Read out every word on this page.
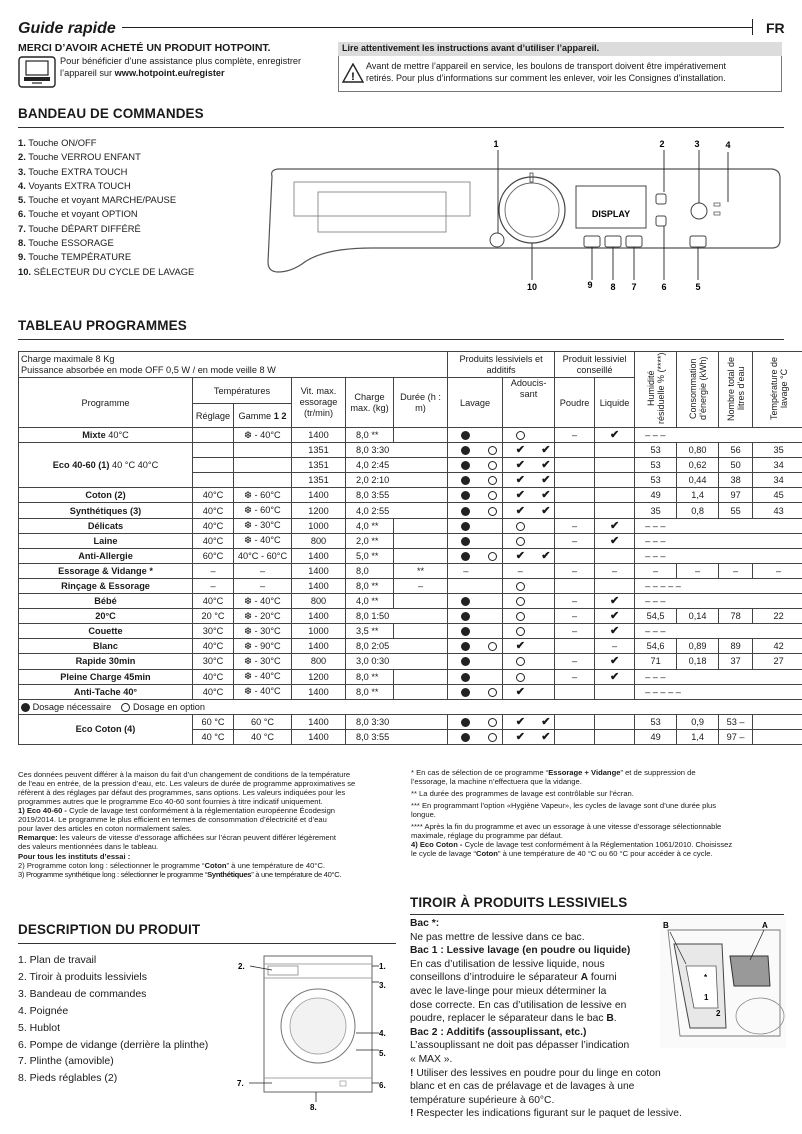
Guide rapide	FR
MERCI D’AVOIR ACHETÉ UN PRODUIT HOTPOINT.
Pour bénéficier d’une assistance plus complète, enregistrer
l’appareil sur www.hotpoint.eu/register
Lire attentivement les instructions avant d’utiliser l’appareil.
!
Avant de mettre l’appareil en service, les boulons de transport doivent être impérativement
retirés. Pour plus d’informations sur comment les enlever, voir les Consignes d’installation.
BANDEAU DE COMMANDES
1. Touche ON/OFF
2. Touche VERROU ENFANT
3. Touche EXTRA TOUCH
4. Voyants EXTRA TOUCH
5. Touche et voyant MARCHE/PAUSE
6. Touche et voyant OPTION
7. Touche DÉPART DIFFÉRÉ
8. Touche ESSORAGE
9. Touche TEMPÉRATURE
10. SÉLECTEUR DU CYCLE DE LAVAGE
DISPLAY
1	2	3	4
10	9 8 7	6	5
TABLEAU PROGRAMMES
Charge maximale 8 Kg
Puissance absorbée en mode OFF 0,5 W / en mode veille 8 W						Produits lessiviels et additifs				Produit lessiviel conseillé		Humidité résiduelle % (****)	Consommation d’énergie (kWh)	Nombre total de litres d’eau	Température de lavage °C
Programme	Températures		Vit. max. essorage (tr/min)	Charge max. (kg)	Durée (h : m)	Lavage		Adoucis-sant		Poudre	Liquide				
	Réglage	Gamme 1 2													
Mixte 40°C		❆ - 40°C	1400	8,0 **						–	✔	– – –			
Eco 40-60 (1) 40 °C 40°C			1351	8,0 3:30				✔	✔			53	0,80	56	35
			1351	4,0 2:45				✔	✔			53	0,62	50	34
			1351	2,0 2:10				✔	✔			53	0,44	38	34
Coton (2)	40°C	❆ - 60°C	1400	8,0 3:55				✔	✔			49	1,4	97	45
Synthétiques (3)	40°C	❆ - 60°C	1200	4,0 2:55				✔	✔			35	0,8	55	43
Délicats	40°C	❆ - 30°C	1000	4,0 **						–	✔	– – –			
Laine	40°C	❆ - 40°C	800	2,0 **						–	✔	– – –			
Anti-Allergie	60°C	40°C - 60°C	1400	5,0 **				✔	✔			– – –			
Essorage & Vidange *	–	–	1400	8,0	**	–		–		–	–	–	–	–	–
Rinçage & Essorage	–	–	1400	8,0 **	–							– – – – –			
Bébé	40°C	❆ - 40°C	800	4,0 **						–	✔	– – –			
20°C	20 °C	❆ - 20°C	1400	8,0 1:50						–	✔	54,5	0,14	78	22
Couette	30°C	❆ - 30°C	1000	3,5 **						–	✔	– – –			
Blanc	40°C	❆ - 90°C	1400	8,0 2:05				✔			–	54,6	0,89	89	42
Rapide 30min	30°C	❆ - 30°C	800	3,0 0:30						–	✔	71	0,18	37	27
Pleine Charge 45min	40°C	❆ - 40°C	1200	8,0 **						–	✔	– – –			
Anti-Tache 40°	40°C	❆ - 40°C	1400	8,0 **				✔				– – – – –			
Dosage nécessaire Dosage en option															
Eco Coton (4)	60 °C	60 °C	1400	8,0 3:30				✔	✔			53	0,9	53 –	
	40 °C	40 °C	1400	8,0 3:55				✔	✔			49	1,4	97 –	
Ces données peuvent différer à la maison du fait d’un changement de conditions de la température
de l’eau en entrée, de la pression d’eau, etc. Les valeurs de durée de programme approximatives se
réfèrent à des réglages par défaut des programmes, sans options. Les valeurs indiquées pour les
programmes autres que le programme Eco 40-60 sont fournies à titre indicatif uniquement.
1) Eco 40-60 - Cycle de lavage test conformément à la réglementation européenne Écodesign
2019/2014. Le programme le plus efficient en termes de consommation d’électricité et d’eau
pour laver des articles en coton normalement sales.
Remarque: les valeurs de vitesse d’essorage affichées sur l’écran peuvent différer légèrement
des valeurs mentionnées dans le tableau.
Pour tous les instituts d’essai :
2) Programme coton long : sélectionner le programme “Coton” à une température de 40°C.
3) Programme synthétique long : sélectionner le programme “Synthétiques” à une température de 40°C.
* En cas de sélection de ce programme “Essorage + Vidange” et de suppression de
l’essorage, la machine n’effectuera que la vidange.
** La durée des programmes de lavage est contrôlable sur l’écran.
*** En programmant l’option «Hygiène Vapeur», les cycles de lavage sont d’une durée plus
longue.
**** Après la fin du programme et avec un essorage à une vitesse d’essorage sélectionnable
maximale, réglage du programme par défaut.
4) Eco Coton - Cycle de lavage test conformément à la Réglementation 1061/2010. Choisissez
le cycle de lavage “Coton” à une température de 40 °C ou 60 °C pour accéder à ce cycle.
DESCRIPTION DU PRODUIT
1. Plan de travail
2. Tiroir à produits lessiviels
3. Bandeau de commandes
4. Poignée
5. Hublot
6. Pompe de vidange (derrière la plinthe)
7. Plinthe (amovible)
8. Pieds réglables (2)
2.	1.
3.
4.
5.
7.	6.
8.
TIROIR À PRODUITS LESSIVIELS
Bac *:
Ne pas mettre de lessive dans ce bac.
Bac 1 : Lessive lavage (en poudre ou liquide)
En cas d’utilisation de lessive liquide, nous
conseillons d’introduire le séparateur A fourni
avec le lave-linge pour mieux déterminer la
dose correcte. En cas d’utilisation de lessive en
poudre, replacer le séparateur dans le bac B.
Bac 2 : Additifs (assouplissant, etc.)
L’assouplissant ne doit pas dépasser l’indication
« MAX ».
! Utiliser des lessives en poudre pour du linge en coton
blanc et en cas de prélavage et de lavages à une
température supérieure à 60°C.
! Respecter les indications figurant sur le paquet de lessive.
B	A
*
1
2
